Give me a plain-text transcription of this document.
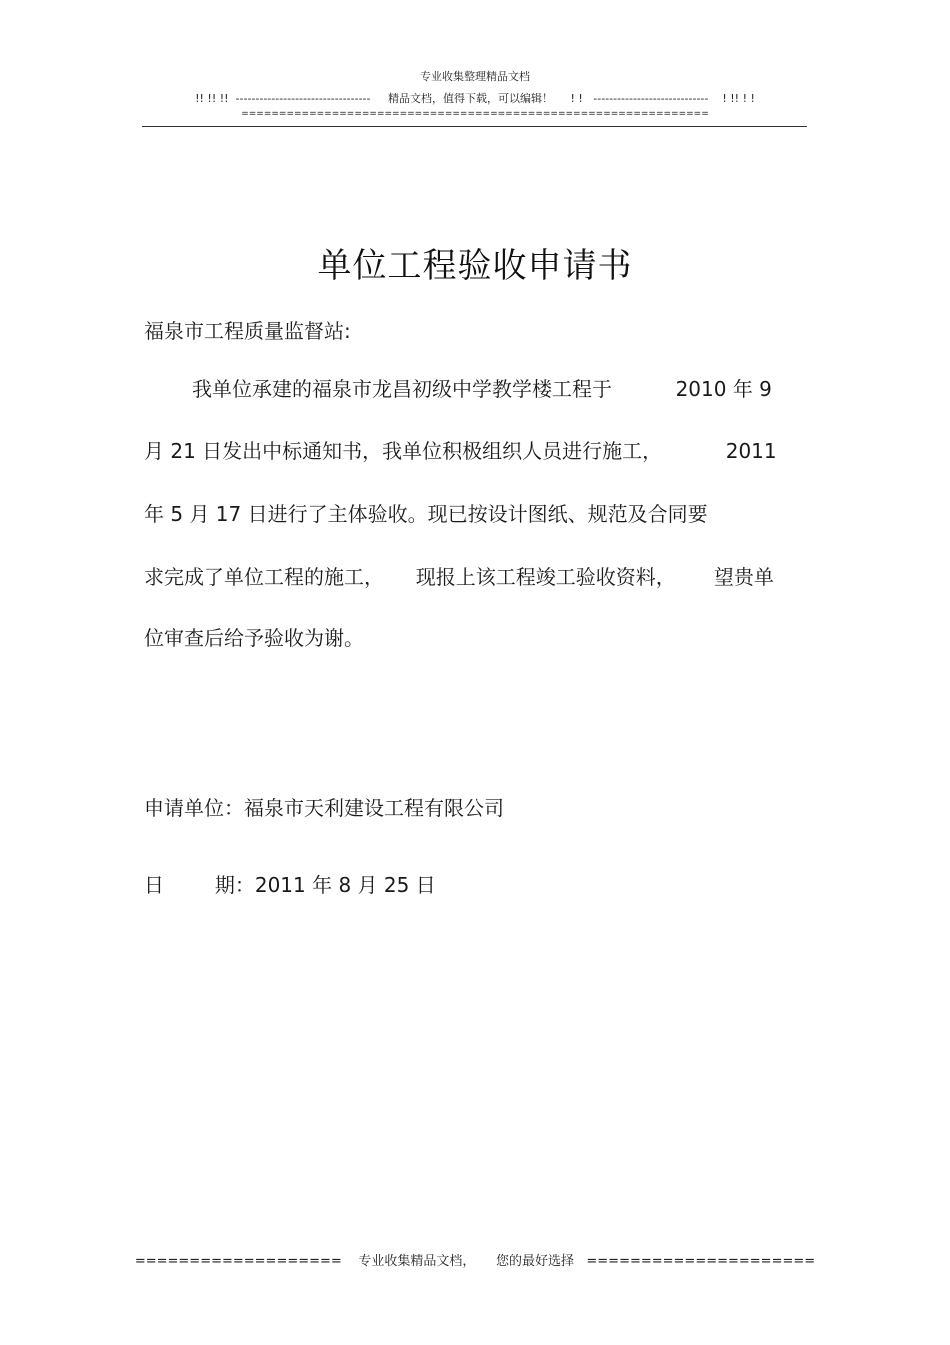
专业收集整理精品文档
!! !! !!  ----------------------------------     精品文档，值得下载，可以编辑！     ! !   -----------------------------    ! !! ! !
==============================================================
单位工程验收申请书
福泉市工程质量监督站:
我单位承建的福泉市龙昌初级中学教学楼工程于          2010 年 9
月 21 日发出中标通知书，我单位积极组织人员进行施工，          2011
年 5 月 17 日进行了主体验收。现已按设计图纸、规范及合同要
求完成了单位工程的施工，     现报上该工程竣工验收资料，      望贵单
位审查后给予验收为谢。
申请单位：福泉市天利建设工程有限公司
日        期：2011 年 8 月 25 日
===================    专业收集精品文档，     您的最好选择   =====================
